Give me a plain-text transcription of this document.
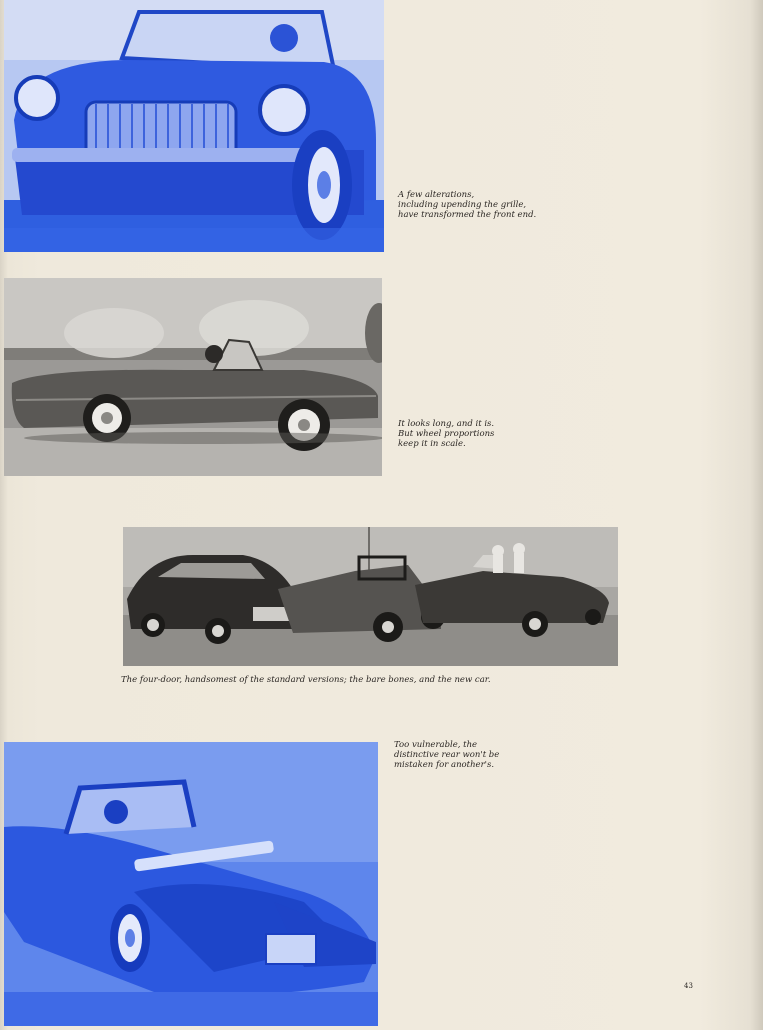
A few alterations,
including upending the grille,
have transformed the front end.
It looks long, and it is.
But wheel proportions
keep it in scale.
The four-door, handsomest of the standard versions; the bare bones, and the new car.
Too vulnerable, the
distinctive rear won't be
mistaken for another's.
43
